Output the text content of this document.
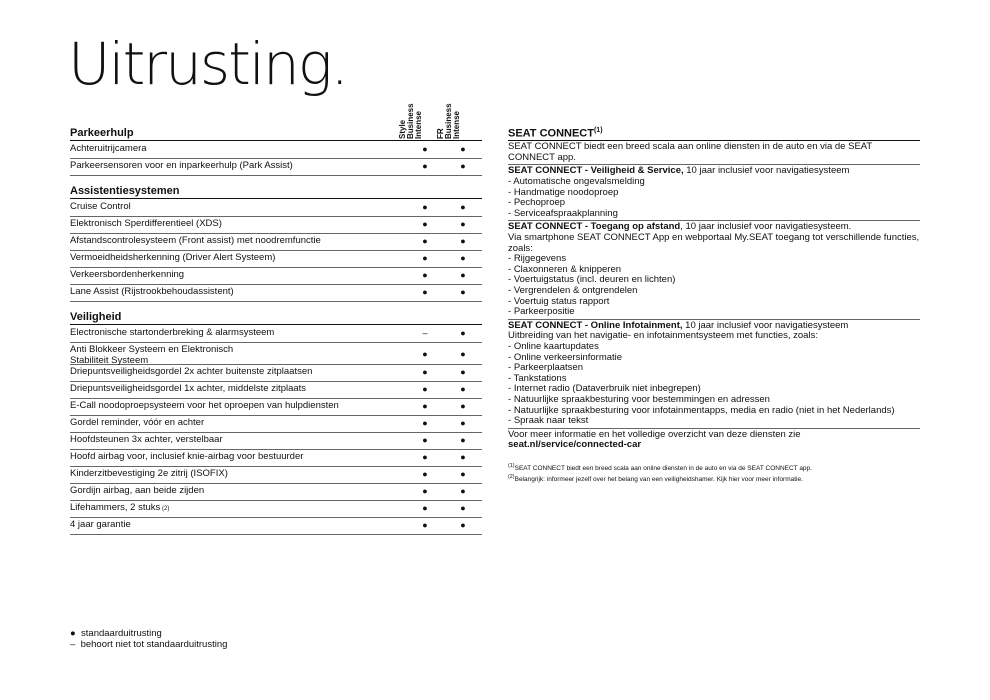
Uitrusting.
Style
Business
Intense FR
Business
Intense
Parkeerhulp
Achteruitrijcamera	●	●
Parkeersensoren voor en inparkeerhulp (Park Assist)	●	●
Assistentiesystemen
Cruise Control	●	●
Elektronisch Sperdifferentieel (XDS)	●	●
Afstandscontrolesysteem (Front assist) met noodremfunctie	●	●
Vermoeidheidsherkenning (Driver Alert Systeem)	●	●
Verkeersbordenherkenning	●	●
Lane Assist (Rijstrookbehoudassistent)	●	●
Veiligheid
Electronische startonderbreking & alarmsysteem	–	●
Anti Blokkeer Systeem en Elektronisch
Stabiliteit Systeem
●	●
Driepuntsveiligheidsgordel 2x achter buitenste zitplaatsen	●	●
Driepuntsveiligheidsgordel 1x achter, middelste zitplaats	●	●
E-Call noodoproepsysteem voor het oproepen van hulpdiensten	●	●
Gordel reminder, vóór en achter	●	●
Hoofdsteunen 3x achter, verstelbaar	●	●
Hoofd airbag voor, inclusief knie-airbag voor bestuurder	●	●
Kinderzitbevestiging 2e zitrij (ISOFIX)	●	●
Gordijn airbag, aan beide zijden	●	●
Lifehammers, 2 stuks (2)	●	●
4 jaar garantie	●	●
SEAT CONNECT$^{(1)}$
SEAT CONNECT biedt een breed scala aan online diensten in de auto en via de SEAT CONNECT app.
SEAT CONNECT - Veiligheid & Service, 10 jaar inclusief voor navigatiesysteem
- Automatische ongevalsmelding
- Handmatige noodoproep
- Pechoproep
- Serviceafspraakplanning
SEAT CONNECT - Toegang op afstand, 10 jaar inclusief voor navigatiesysteem.
Via smartphone SEAT CONNECT App en webportaal My.SEAT toegang tot verschillende functies, zoals:
- Rijgegevens
- Claxonneren & knipperen
- Voertuigstatus (incl. deuren en lichten)
- Vergrendelen & ontgrendelen
- Voertuig status rapport
- Parkeerpositie
SEAT CONNECT - Online Infotainment, 10 jaar inclusief voor navigatiesysteem
Uitbreiding van het navigatie- en infotainmentsysteem met functies, zoals:
- Online kaartupdates
- Online verkeersinformatie
- Parkeerplaatsen
- Tankstations
- Internet radio (Dataverbruik niet inbegrepen)
- Natuurlijke spraakbesturing voor bestemmingen en adressen
- Natuurlijke spraakbesturing voor infotainmentapps, media en radio (niet in het Nederlands)
- Spraak naar tekst
Voor meer informatie en het volledige overzicht van deze diensten zie
seat.nl/service/connected-car
$^{(1)}$SEAT CONNECT biedt een breed scala aan online diensten in de auto en via de SEAT CONNECT app.
$^{(2)}$Belangrijk: informeer jezelf over het belang van een veiligheidshamer. Kijk hier voor meer informatie.
● standaarduitrusting
– behoort niet tot standaarduitrusting
